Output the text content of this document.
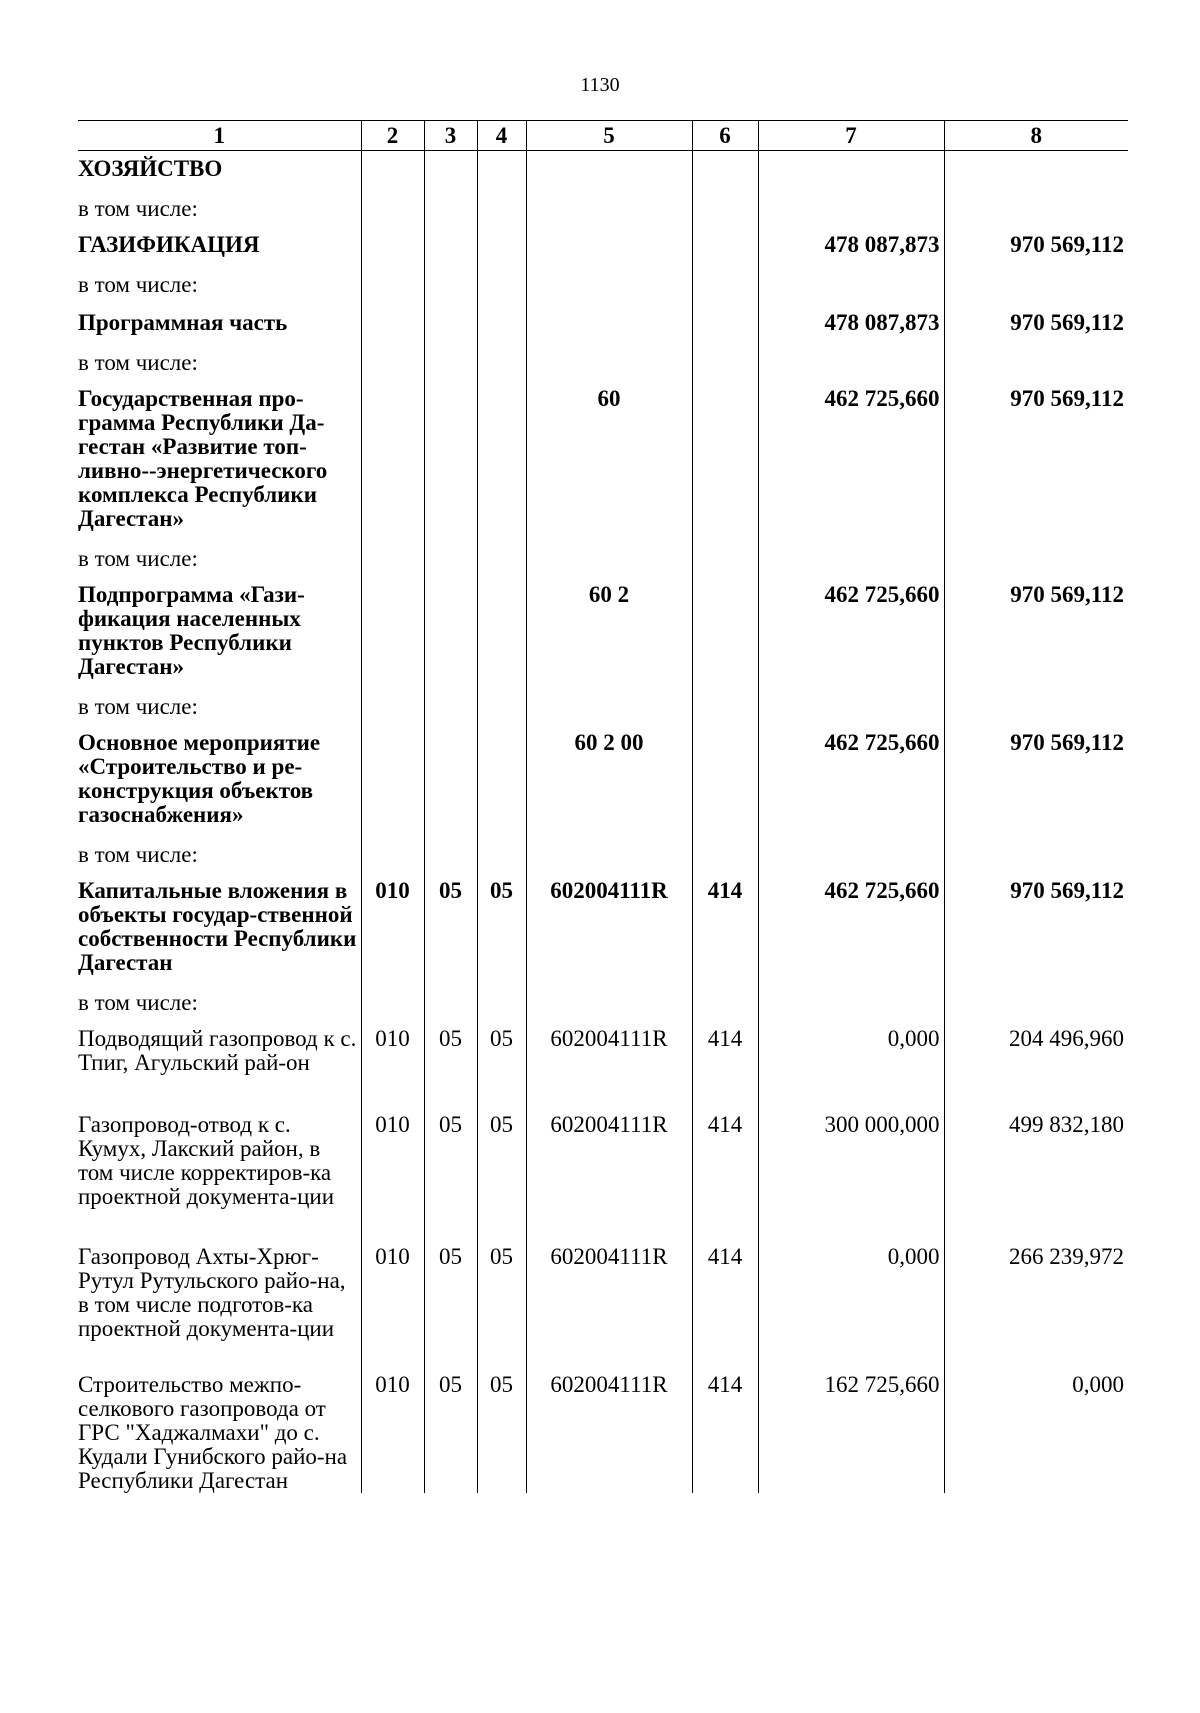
1130
1	2	3	4	5	6	7	8
ХОЗЯЙСТВО							
в том числе:							
ГАЗИФИКАЦИЯ						478 087,873	970 569,112
в том числе:							
Программная часть						478 087,873	970 569,112
в том числе:							
Государственная про-грамма Республики Да-гестан «Развитие топ-ливно--энергетического комплекса Республики Дагестан»				60		462 725,660	970 569,112
в том числе:							
Подпрограмма «Гази-фикация населенных пунктов Республики Дагестан»				60 2		462 725,660	970 569,112
в том числе:							
Основное мероприятие «Строительство и ре-конструкция объектов газоснабжения»				60 2 00		462 725,660	970 569,112
в том числе:							
Капитальные вложения в объекты государ-ственной собственности Республики Дагестан	010	05	05	602004111R	414	462 725,660	970 569,112
в том числе:							
Подводящий газопровод к с. Тпиг, Агульский рай-он	010	05	05	602004111R	414	0,000	204 496,960
Газопровод-отвод к с. Кумух, Лакский район, в том числе корректиров-ка проектной документа-ции	010	05	05	602004111R	414	300 000,000	499 832,180
Газопровод Ахты-Хрюг-Рутул Рутульского райо-на, в том числе подготов-ка проектной документа-ции	010	05	05	602004111R	414	0,000	266 239,972
Строительство межпо-селкового газопровода от ГРС "Хаджалмахи" до с. Кудали Гунибского райо-на Республики Дагестан	010	05	05	602004111R	414	162 725,660	0,000
